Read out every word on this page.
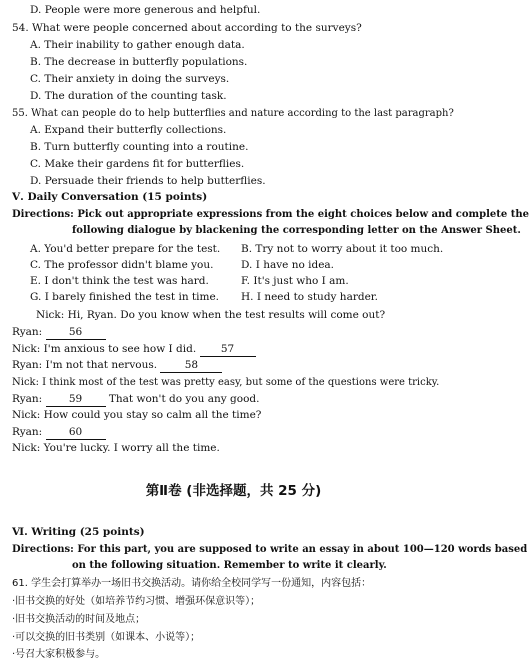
D. People were more generous and helpful.
54. What were people concerned about according to the surveys?
A. Their inability to gather enough data.
B. The decrease in butterfly populations.
C. Their anxiety in doing the surveys.
D. The duration of the counting task.
55. What can people do to help butterflies and nature according to the last paragraph?
A. Expand their butterfly collections.
B. Turn butterfly counting into a routine.
C. Make their gardens fit for butterflies.
D. Persuade their friends to help butterflies.
Ⅴ. Daily Conversation (15 points)
Directions: Pick out appropriate expressions from the eight choices below and complete the
following dialogue by blackening the corresponding letter on the Answer Sheet.
A. You'd better prepare for the test. B. Try not to worry about it too much.
C. The professor didn't blame you.	D. I have no idea.
E. I don't think the test was hard.	F. It's just who I am.
G. I barely finished the test in time. H. I need to study harder.
Nick: Hi, Ryan. Do you know when the test results will come out?
Ryan: 56
Nick: I'm anxious to see how I did. 57
Ryan: I'm not that nervous. 58
Nick: I think most of the test was pretty easy, but some of the questions were tricky.
Ryan: 59 That won't do you any good.
Nick: How could you stay so calm all the time?
Ryan: 60
Nick: You're lucky. I worry all the time.
第Ⅱ卷 (非选择题，共 25 分)
Ⅵ. Writing (25 points)
Directions: For this part, you are supposed to write an essay in about 100—120 words based
on the following situation. Remember to write it clearly.
61. 学生会打算举办一场旧书交换活动。请你给全校同学写一份通知，内容包括：
·旧书交换的好处（如培养节约习惯、增强环保意识等）；
·旧书交换活动的时间及地点；
·可以交换的旧书类别（如课本、小说等）；
·号召大家积极参与。
